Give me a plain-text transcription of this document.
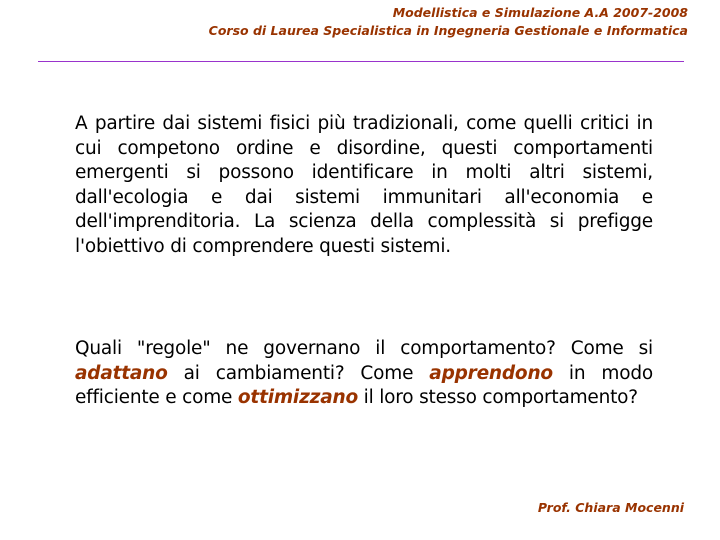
Modellistica e Simulazione A.A 2007-2008
Corso di Laurea Specialistica in Ingegneria Gestionale e Informatica
A partire dai sistemi fisici più tradizionali, come quelli critici in cui competono ordine e disordine, questi comportamenti emergenti si possono identificare in molti altri sistemi, dall'ecologia e dai sistemi immunitari all'economia e dell'imprenditoria. La scienza della complessità si prefigge l'obiettivo di comprendere questi sistemi.
Quali "regole" ne governano il comportamento? Come si adattano ai cambiamenti? Come apprendono in modo efficiente e come ottimizzano il loro stesso comportamento?
Prof. Chiara Mocenni
